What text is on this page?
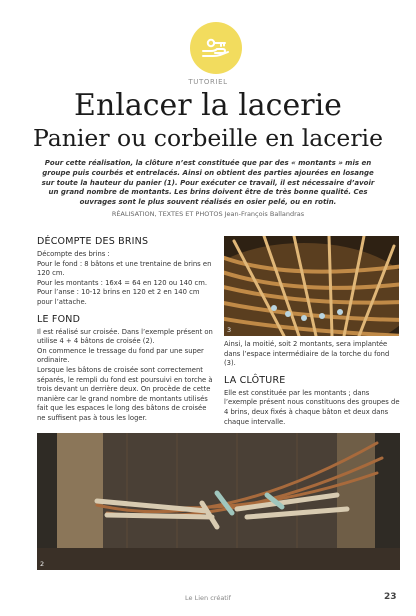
TUTORIEL
Enlacer la lacerie
Panier ou corbeille en lacerie
Pour cette réalisation, la clôture n’est constituée que par des « montants » mis en groupe puis courbés et entrelacés. Ainsi on obtient des parties ajourées en losange sur toute la hauteur du panier (1). Pour exécuter ce travail, il est nécessaire d’avoir un grand nombre de montants. Les brins doivent être de très bonne qualité. Ces ouvrages sont le plus souvent réalisés en osier pelé, ou en rotin.
RÉALISATION, TEXTES ET PHOTOS Jean-François Ballandras
DÉCOMPTE DES BRINS

Décompte des brins :

Pour le fond : 8 bâtons et une trentaine de brins en 120 cm.

Pour les montants : 16x4 = 64 en 120 ou 140 cm.

Pour l’anse : 10-12 brins en 120 et 2 en 140 cm pour l’attache.

LE FOND

Il est réalisé sur croisée. Dans l’exemple présent on utilise 4 + 4 bâtons de croisée (2).

On commence le tressage du fond par une super ordinaire.

Lorsque les bâtons de croisée sont correctement séparés, le rempli du fond est poursuivi en torche à trois devant un derrière deux. On procède de cette manière car le grand nombre de montants utilisés fait que les espaces le long des bâtons de croisée ne suffisent pas à tous les loger.

3

Ainsi, la moitié, soit 2 montants, sera implantée dans l’espace intermédiaire de la torche du fond (3).

LA CLÔTURE

Elle est constituée par les montants ; dans l’exemple présent nous constituons des groupes de 4 brins, deux fixés à chaque bâton et deux dans chaque intervalle.

2
Le Lien créatif	23
